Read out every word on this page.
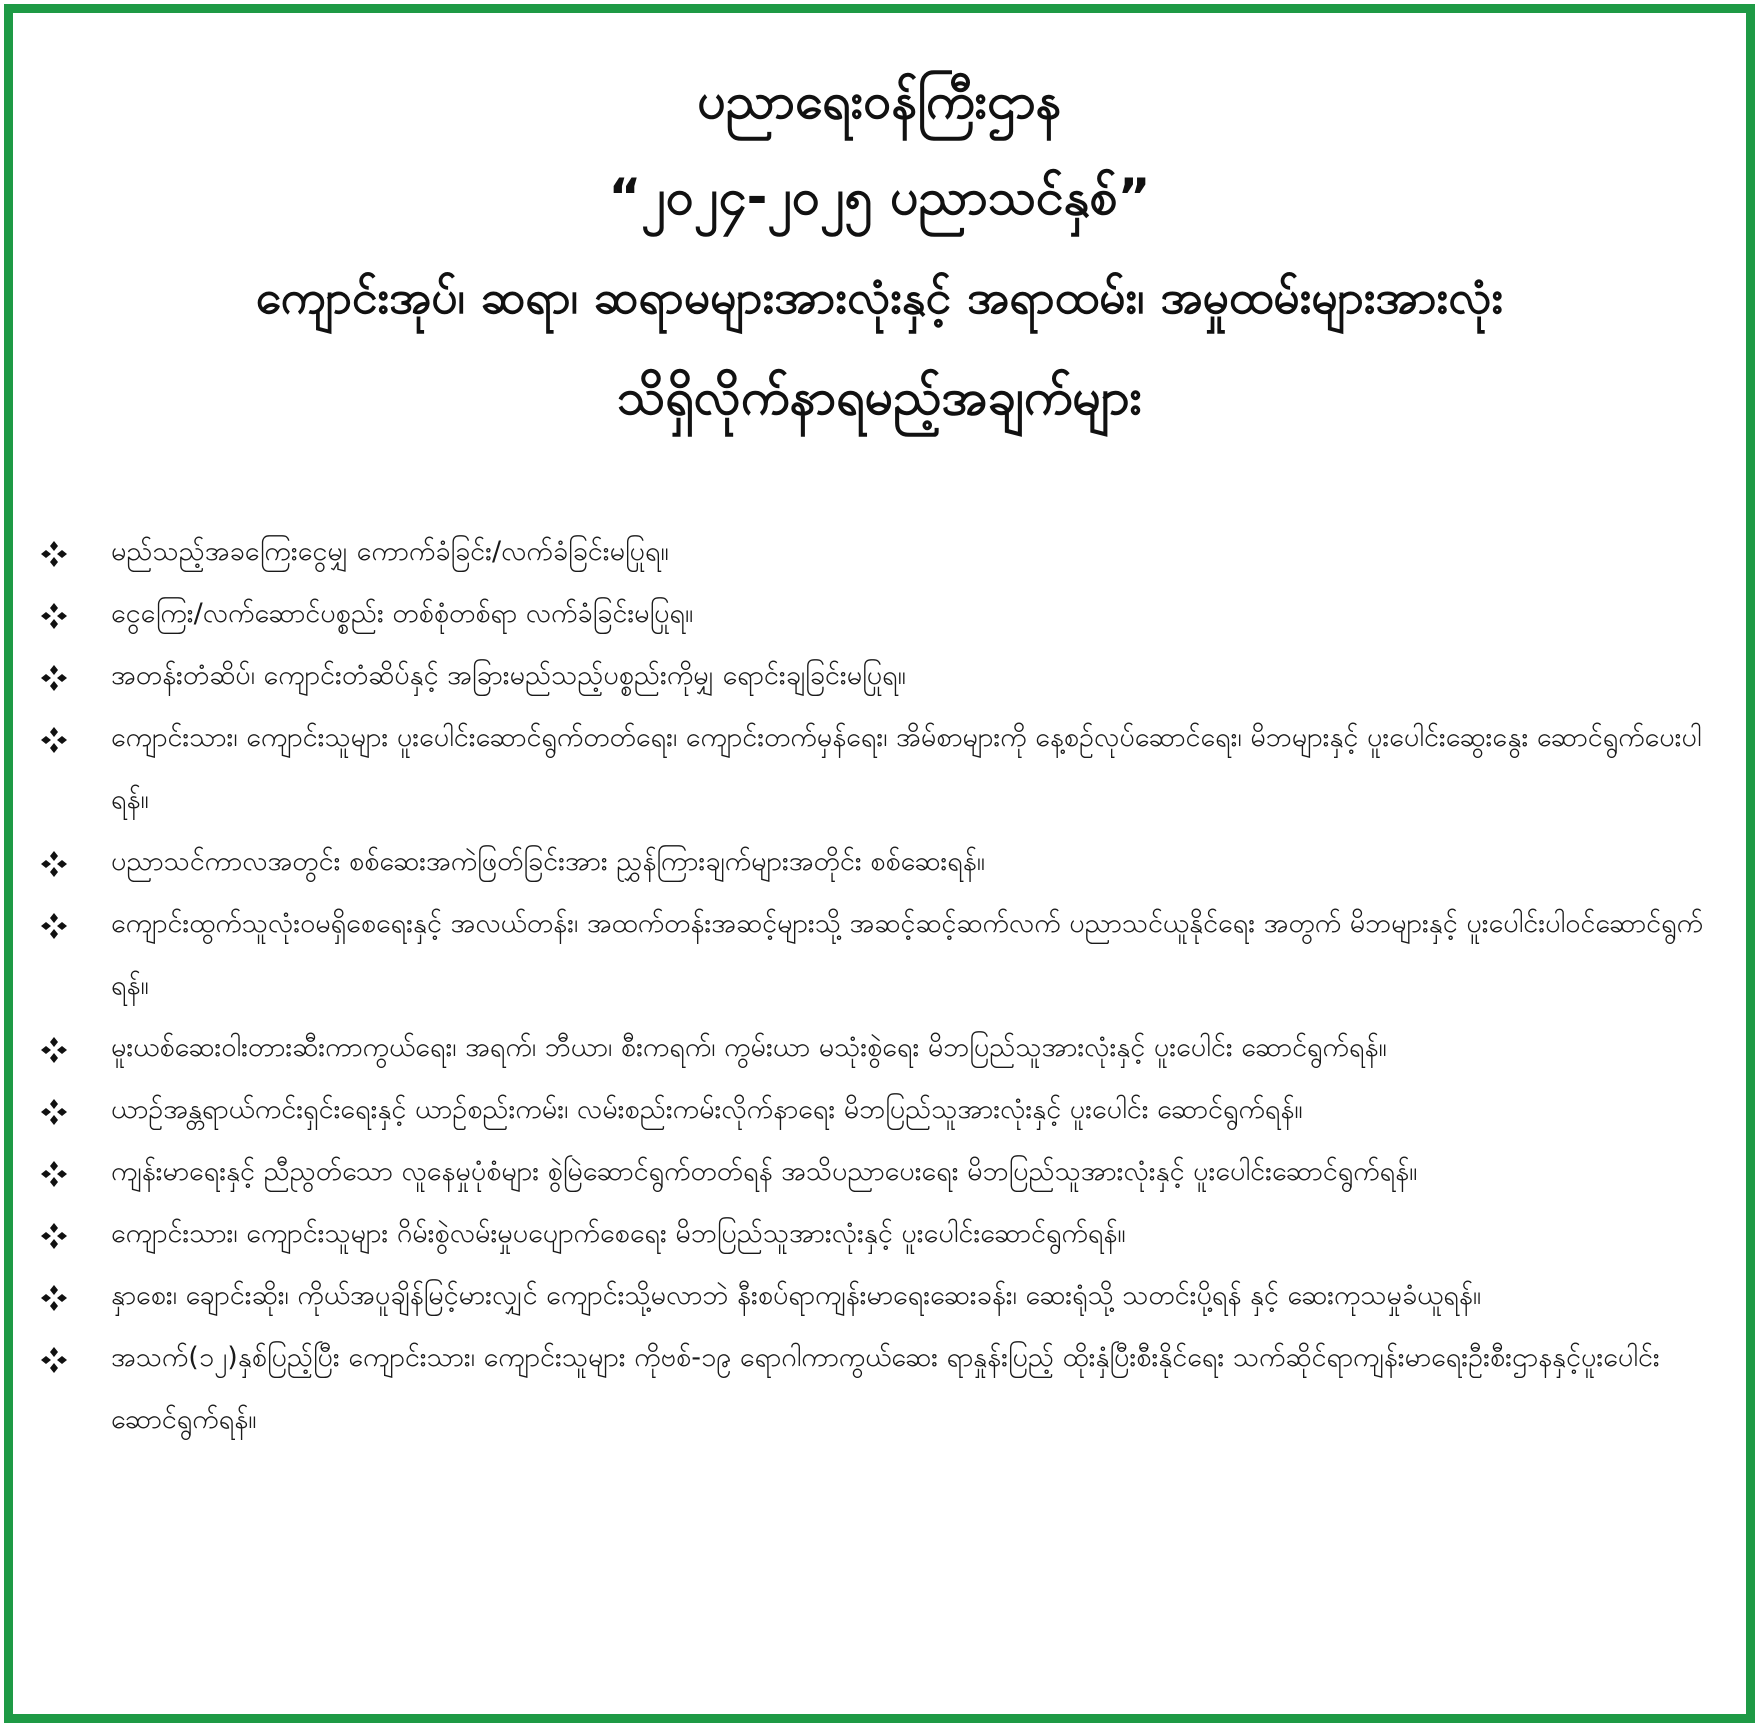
ပညာရေးဝန်ကြီးဌာန
“၂၀၂၄-၂၀၂၅ ပညာသင်နှစ်”
ကျောင်းအုပ်၊ ဆရာ၊ ဆရာမများအားလုံးနှင့် အရာထမ်း၊ အမှုထမ်းများအားလုံး
သိရှိလိုက်နာရမည့်အချက်များ
မည်သည့်အခကြေးငွေမျှ ကောက်ခံခြင်း/လက်ခံခြင်းမပြုရ။
ငွေကြေး/လက်ဆောင်ပစ္စည်း တစ်စုံတစ်ရာ လက်ခံခြင်းမပြုရ။
အတန်းတံဆိပ်၊ ကျောင်းတံဆိပ်နှင့် အခြားမည်သည့်ပစ္စည်းကိုမျှ ရောင်းချခြင်းမပြုရ။
ကျောင်းသား၊ ကျောင်းသူများ ပူးပေါင်းဆောင်ရွက်တတ်ရေး၊ ကျောင်းတက်မှန်ရေး၊ အိမ်စာများကို နေ့စဉ်လုပ်ဆောင်ရေး၊ မိဘများနှင့် ပူးပေါင်းဆွေးနွေး ဆောင်ရွက်ပေးပါရန်။
ပညာသင်ကာလအတွင်း စစ်ဆေးအကဲဖြတ်ခြင်းအား ညွှန်ကြားချက်များအတိုင်း စစ်ဆေးရန်။
ကျောင်းထွက်သူလုံးဝမရှိစေရေးနှင့် အလယ်တန်း၊ အထက်တန်းအဆင့်များသို့ အဆင့်ဆင့်ဆက်လက် ပညာသင်ယူနိုင်ရေး အတွက် မိဘများနှင့် ပူးပေါင်းပါဝင်ဆောင်ရွက်ရန်။
မူးယစ်ဆေးဝါးတားဆီးကာကွယ်ရေး၊ အရက်၊ ဘီယာ၊ စီးကရက်၊ ကွမ်းယာ မသုံးစွဲရေး မိဘပြည်သူအားလုံးနှင့် ပူးပေါင်း ဆောင်ရွက်ရန်။
ယာဉ်အန္တရာယ်ကင်းရှင်းရေးနှင့် ယာဉ်စည်းကမ်း၊ လမ်းစည်းကမ်းလိုက်နာရေး မိဘပြည်သူအားလုံးနှင့် ပူးပေါင်း ဆောင်ရွက်ရန်။
ကျန်းမာရေးနှင့် ညီညွတ်သော လူနေမှုပုံစံများ စွဲမြဲဆောင်ရွက်တတ်ရန် အသိပညာပေးရေး မိဘပြည်သူအားလုံးနှင့် ပူးပေါင်းဆောင်ရွက်ရန်။
ကျောင်းသား၊ ကျောင်းသူများ ဂိမ်းစွဲလမ်းမှုပပျောက်စေရေး မိဘပြည်သူအားလုံးနှင့် ပူးပေါင်းဆောင်ရွက်ရန်။
နှာစေး၊ ချောင်းဆိုး၊ ကိုယ်အပူချိန်မြင့်မားလျှင် ကျောင်းသို့မလာဘဲ နီးစပ်ရာကျန်းမာရေးဆေးခန်း၊ ဆေးရုံသို့ သတင်းပို့ရန် နှင့် ဆေးကုသမှုခံယူရန်။
အသက်(၁၂)နှစ်ပြည့်ပြီး ကျောင်းသား၊ ကျောင်းသူများ ကိုဗစ်-၁၉ ရောဂါကာကွယ်ဆေး ရာနှုန်းပြည့် ထိုးနှံပြီးစီးနိုင်ရေး သက်ဆိုင်ရာကျန်းမာရေးဦးစီးဌာနနှင့်ပူးပေါင်းဆောင်ရွက်ရန်။
